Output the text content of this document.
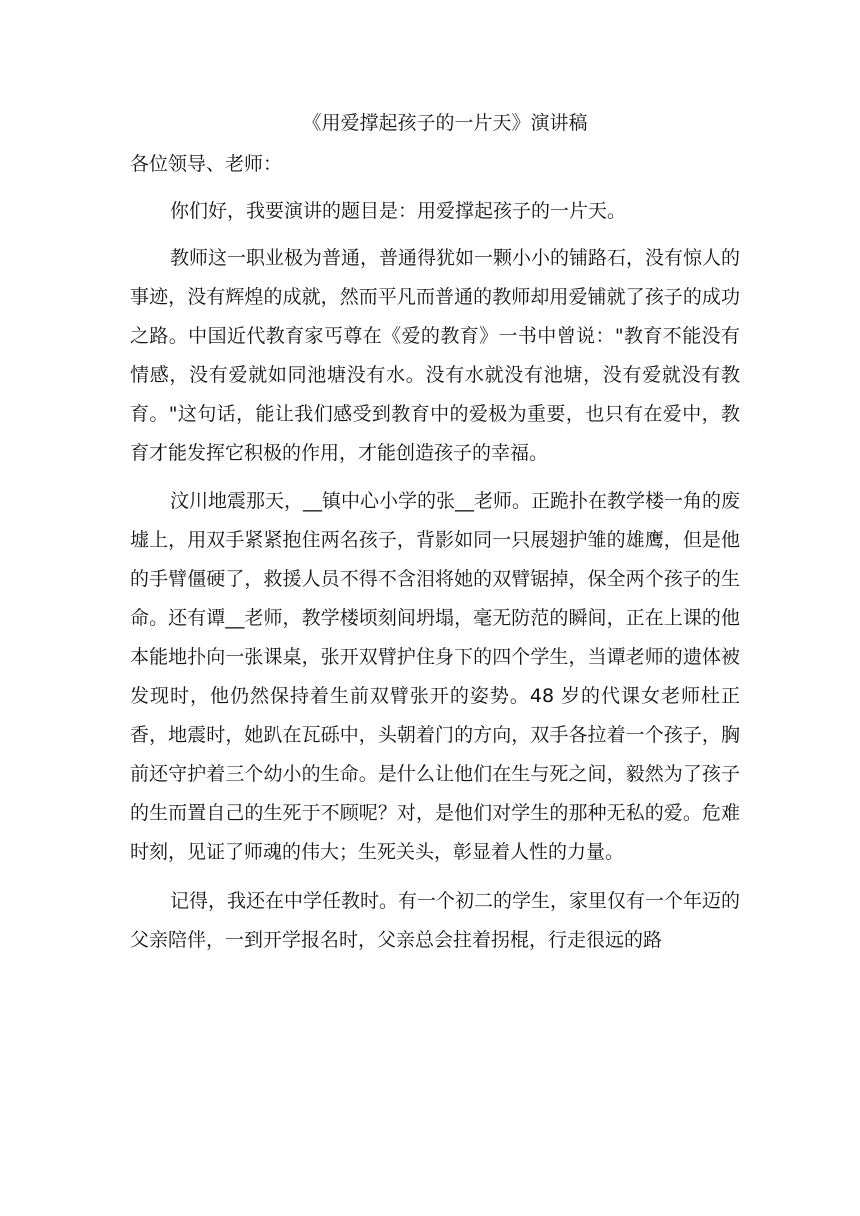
《用爱撑起孩子的一片天》演讲稿

各位领导、老师：

你们好，我要演讲的题目是：用爱撑起孩子的一片天。

教师这一职业极为普通，普通得犹如一颗小小的铺路石，没有惊人的事迹，没有辉煌的成就，然而平凡而普通的教师却用爱铺就了孩子的成功之路。中国近代教育家丐尊在《爱的教育》一书中曾说："教育不能没有情感，没有爱就如同池塘没有水。没有水就没有池塘，没有爱就没有教育。"这句话，能让我们感受到教育中的爱极为重要，也只有在爱中，教育才能发挥它积极的作用，才能创造孩子的幸福。

汶川地震那天，__镇中心小学的张__老师。正跪扑在教学楼一角的废墟上，用双手紧紧抱住两名孩子，背影如同一只展翅护雏的雄鹰，但是他的手臂僵硬了，救援人员不得不含泪将她的双臂锯掉，保全两个孩子的生命。还有谭__老师，教学楼顷刻间坍塌，毫无防范的瞬间，正在上课的他本能地扑向一张课桌，张开双臂护住身下的四个学生，当谭老师的遗体被发现时，他仍然保持着生前双臂张开的姿势。48 岁的代课女老师杜正香，地震时，她趴在瓦砾中，头朝着门的方向，双手各拉着一个孩子，胸前还守护着三个幼小的生命。是什么让他们在生与死之间，毅然为了孩子的生而置自己的生死于不顾呢？对，是他们对学生的那种无私的爱。危难时刻，见证了师魂的伟大；生死关头，彰显着人性的力量。

记得，我还在中学任教时。有一个初二的学生，家里仅有一个年迈的父亲陪伴，一到开学报名时，父亲总会拄着拐棍，行走很远的路
